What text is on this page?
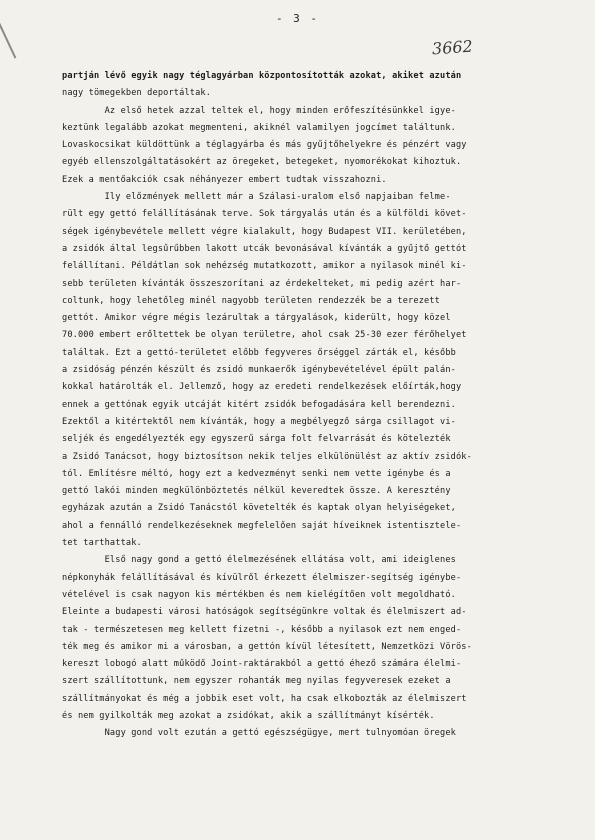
- 3 -
3662
partján lévő egyik nagy téglagyárban központosították azokat, akiket azután
nagy tömegekben deportáltak.
Az első hetek azzal teltek el, hogy minden erőfeszítésünkkel igye-
keztünk legalább azokat megmenteni, akiknél valamilyen jogcímet találtunk.
Lovaskocsikat küldöttünk a téglagyárba és más gyűjtőhelyekre és pénzért vagy
egyéb ellenszolgáltatásokért az öregeket, betegeket, nyomorékokat kihoztuk.
Ezek a mentőakciók csak néhányezer embert tudtak visszahozni.
Ily előzmények mellett már a Szálasi-uralom első napjaiban felme-
rült egy gettó felállításának terve. Sok tárgyalás után és a külföldi követ-
ségek igénybevétele mellett végre kialakult, hogy Budapest VII. kerületében,
a zsidók által legsűrűbben lakott utcák bevonásával kívánták a gyűjtő gettót
felállítani. Példátlan sok nehézség mutatkozott, amikor a nyilasok minél ki-
sebb területen kívánták összeszorítani az érdekelteket, mi pedig azért har-
coltunk, hogy lehetőleg minél nagyobb területen rendezzék be a terezett
gettót. Amikor végre mégis lezárultak a tárgyalások, kiderült, hogy közel
70.000 embert erőltettek be olyan területre, ahol csak 25-30 ezer férőhelyet
találtak. Ezt a gettó-területet előbb fegyveres őrséggel zárták el, később
a zsidóság pénzén készült és zsidó munkaerők igénybevételével épült palán-
kokkal határolták el. Jellemző, hogy az eredeti rendelkezések előírták,hogy
ennek a gettónak egyik utcáját kitért zsidók befogadására kell berendezni.
Ezektől a kitértektől nem kívánták, hogy a megbélyegző sárga csillagot vi-
seljék és engedélyezték egy egyszerű sárga folt felvarrását és kötelezték
a Zsidó Tanácsot, hogy biztosítson nekik teljes elkülönülést az aktív zsidók-
tól. Említésre méltó, hogy ezt a kedvezményt senki nem vette igénybe és a
gettó lakói minden megkülönböztetés nélkül keveredtek össze. A keresztény
egyházak azután a Zsidó Tanácstól követelték és kaptak olyan helyiségeket,
ahol a fennálló rendelkezéseknek megfelelően saját híveiknek istentisztele-
tet tarthattak.
Első nagy gond a gettó élelmezésének ellátása volt, ami ideiglenes
népkonyhák felállításával és kívülről érkezett élelmiszer-segítség igénybe-
vételével is csak nagyon kis mértékben és nem kielégítően volt megoldható.
Eleinte a budapesti városi hatóságok segítségünkre voltak és élelmiszert ad-
tak - természetesen meg kellett fizetni -, később a nyilasok ezt nem enged-
ték meg és amikor mi a városban, a gettón kívül létesített, Nemzetközi Vörös-
kereszt lobogó alatt működő Joint-raktárakból a gettó éhező számára élelmi-
szert szállítottunk, nem egyszer rohanták meg nyilas fegyveresek ezeket a
szállítmányokat és még a jobbik eset volt, ha csak elkobozták az élelmiszert
és nem gyilkolták meg azokat a zsidókat, akik a szállítmányt kísérték.
Nagy gond volt ezután a gettó egészségügye, mert tulnyomóan öregek
